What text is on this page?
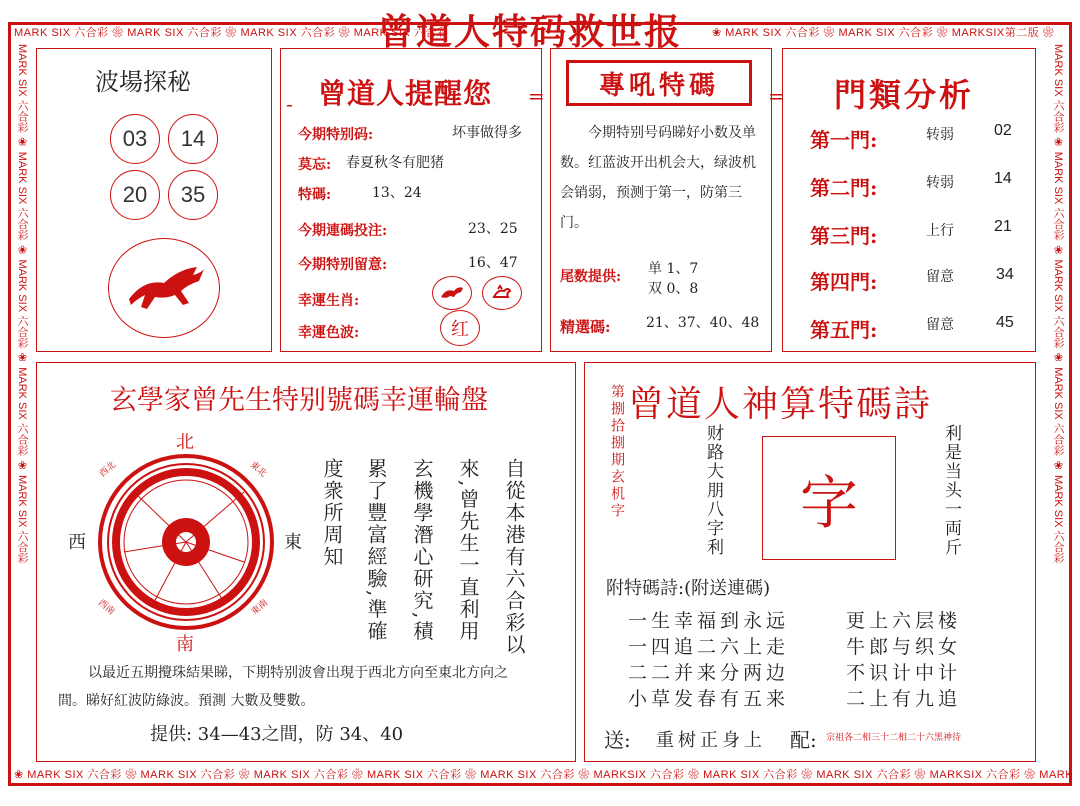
MARK SIX 六合彩 ❀ MARK SIX 六合彩 ❀ MARK SIX 六合彩 ❀ MARK SIX 六合彩
曾道人特码救世报	❀ MARK SIX 六合彩 ❀ MARK SIX 六合彩 ❀ MARKSIX第二版 ❀
❀ MARK SIX 六合彩 ❀ MARK SIX 六合彩 ❀ MARK SIX 六合彩 ❀ MARK SIX 六合彩 ❀ MARK SIX 六合彩 ❀ MARKSIX 六合彩 ❀ MARK SIX 六合彩 ❀ MARK SIX 六合彩 ❀ MARKSIX 六合彩 ❀ MARK
MARK SIX 六合彩 ❀ MARK SIX 六合彩 ❀ MARK SIX 六合彩 ❀ MARK SIX 六合彩 ❀ MARK SIX 六合彩	MARK SIX 六合彩 ❀ MARK SIX 六合彩 ❀ MARK SIX 六合彩 ❀ MARK SIX 六合彩 ❀ MARK SIX 六合彩
波場探秘
03	14
20	35
曾道人提醒您
-
今期特别码:	坏事做得多
莫忘: 春夏秋冬有肥猪
特碼:	13、24
今期連碼投注:	23、25
今期特别留意:	16、47
幸運生肖:
幸運色波:	红
=	=
專吼特碼
今期特别号码睇好小数及单数。红蓝波开出机会大，绿波机会销弱，预测于第一，防第三门。
尾数提供: 单 1、7
双 0、8
精選碼:	21、37、40、48
門類分析
第一門:	转弱	02
第二門:	转弱	14
第三門:	上行	21
第四門:	留意	34
第五門:	留意	45
玄學家曾先生特别號碼幸運輪盤
北
南
東
西
西北	東北
西南	東南	自從本港有六合彩以
來,曾先生一直利用
玄機學潛心研究,積
累了豐富經驗,準確
度衆所周知
以最近五期攪珠結果睇，下期特别波會出現于西北方向至東北方向之
間。睇好紅波防綠波。預測 大數及雙數。
提供: 34—43之間，防 34、40
曾道人神算特碼詩
第捌拾捌期玄机字	财路大朋八字利	字	利是当头一両斤
附特碼詩:(附送連碼)
一生幸福到永远
一四追二六上走
二二并来分两边
小草发春有五来
更上六层楼
牛郎与织女
不识计中计
二上有九追
送: 重树正身上 配: 宗祖各二相三十二相二十六黑神待
